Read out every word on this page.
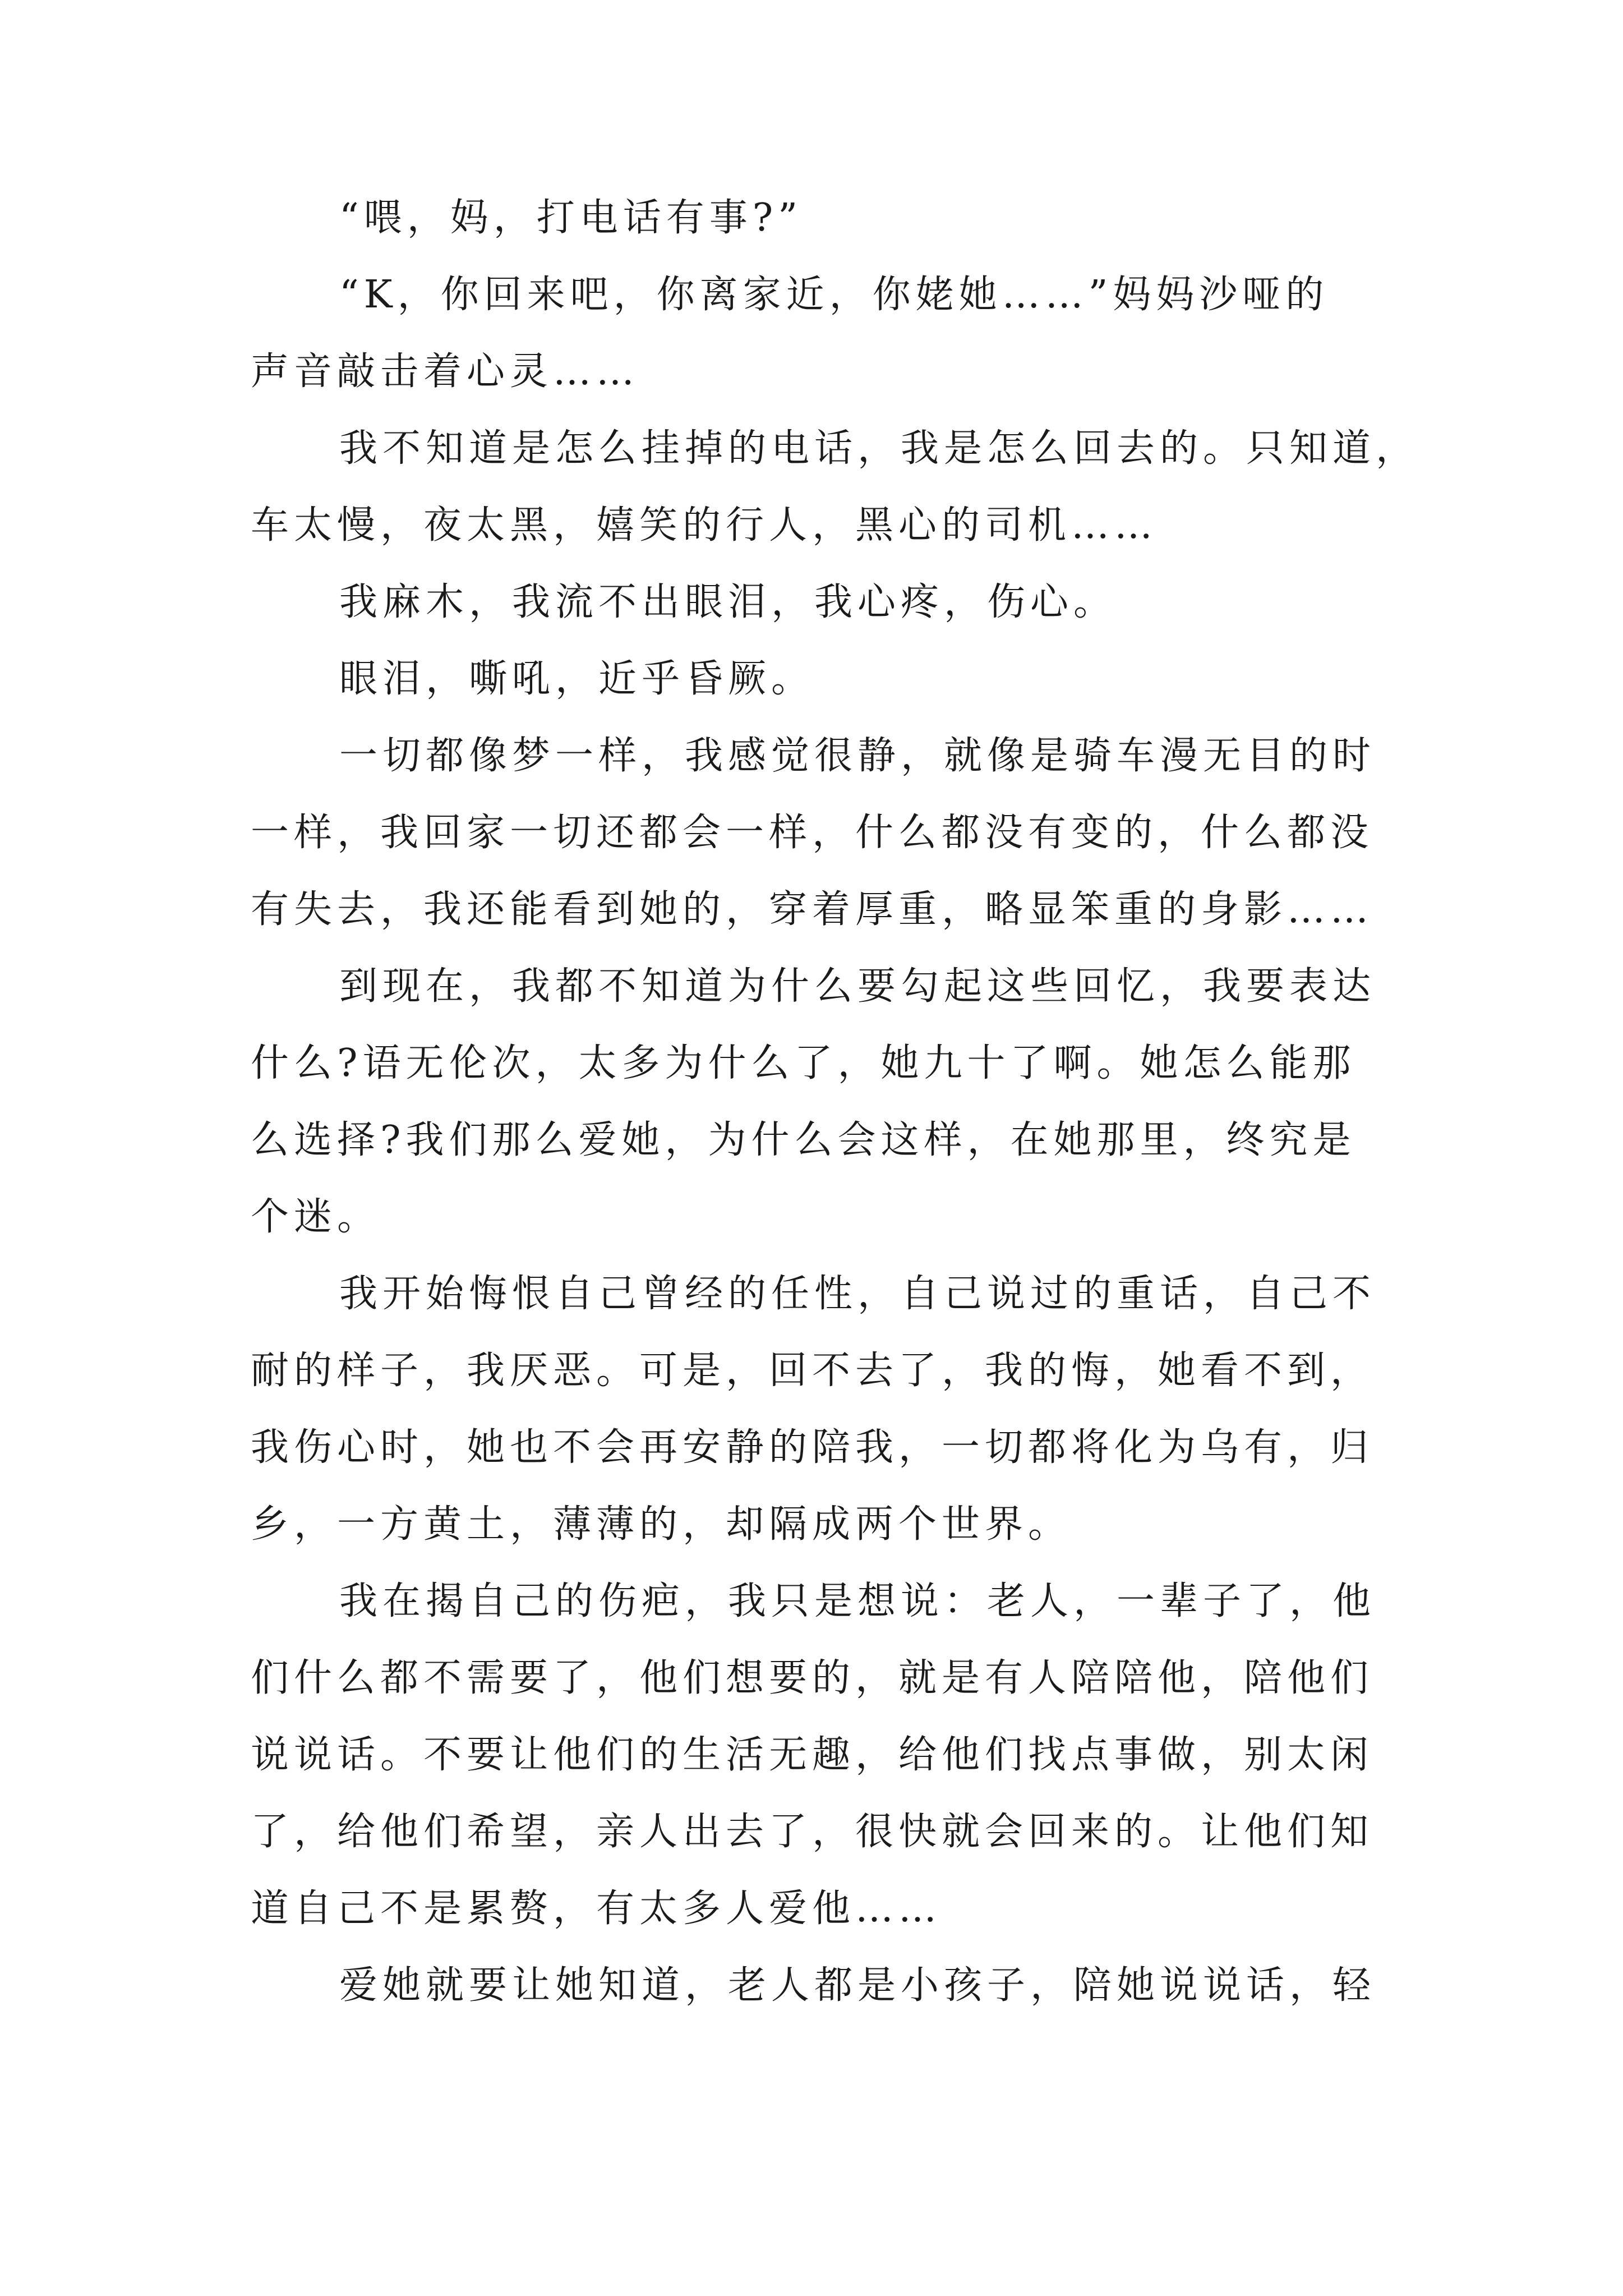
“喂，妈，打电话有事?”
“K，你回来吧，你离家近，你姥她……”妈妈沙哑的
声音敲击着心灵……
我不知道是怎么挂掉的电话，我是怎么回去的。只知道，
车太慢，夜太黑，嬉笑的行人，黑心的司机……
我麻木，我流不出眼泪，我心疼，伤心。
眼泪，嘶吼，近乎昏厥。
一切都像梦一样，我感觉很静，就像是骑车漫无目的时
一样，我回家一切还都会一样，什么都没有变的，什么都没
有失去，我还能看到她的，穿着厚重，略显笨重的身影……
到现在，我都不知道为什么要勾起这些回忆，我要表达
什么?语无伦次，太多为什么了，她九十了啊。她怎么能那
么选择?我们那么爱她，为什么会这样，在她那里，终究是
个迷。
我开始悔恨自己曾经的任性，自己说过的重话，自己不
耐的样子，我厌恶。可是，回不去了，我的悔，她看不到，
我伤心时，她也不会再安静的陪我，一切都将化为乌有，归
乡，一方黄土，薄薄的，却隔成两个世界。
我在揭自己的伤疤，我只是想说：老人，一辈子了，他
们什么都不需要了，他们想要的，就是有人陪陪他，陪他们
说说话。不要让他们的生活无趣，给他们找点事做，别太闲
了，给他们希望，亲人出去了，很快就会回来的。让他们知
道自己不是累赘，有太多人爱他……
爱她就要让她知道，老人都是小孩子，陪她说说话，轻
